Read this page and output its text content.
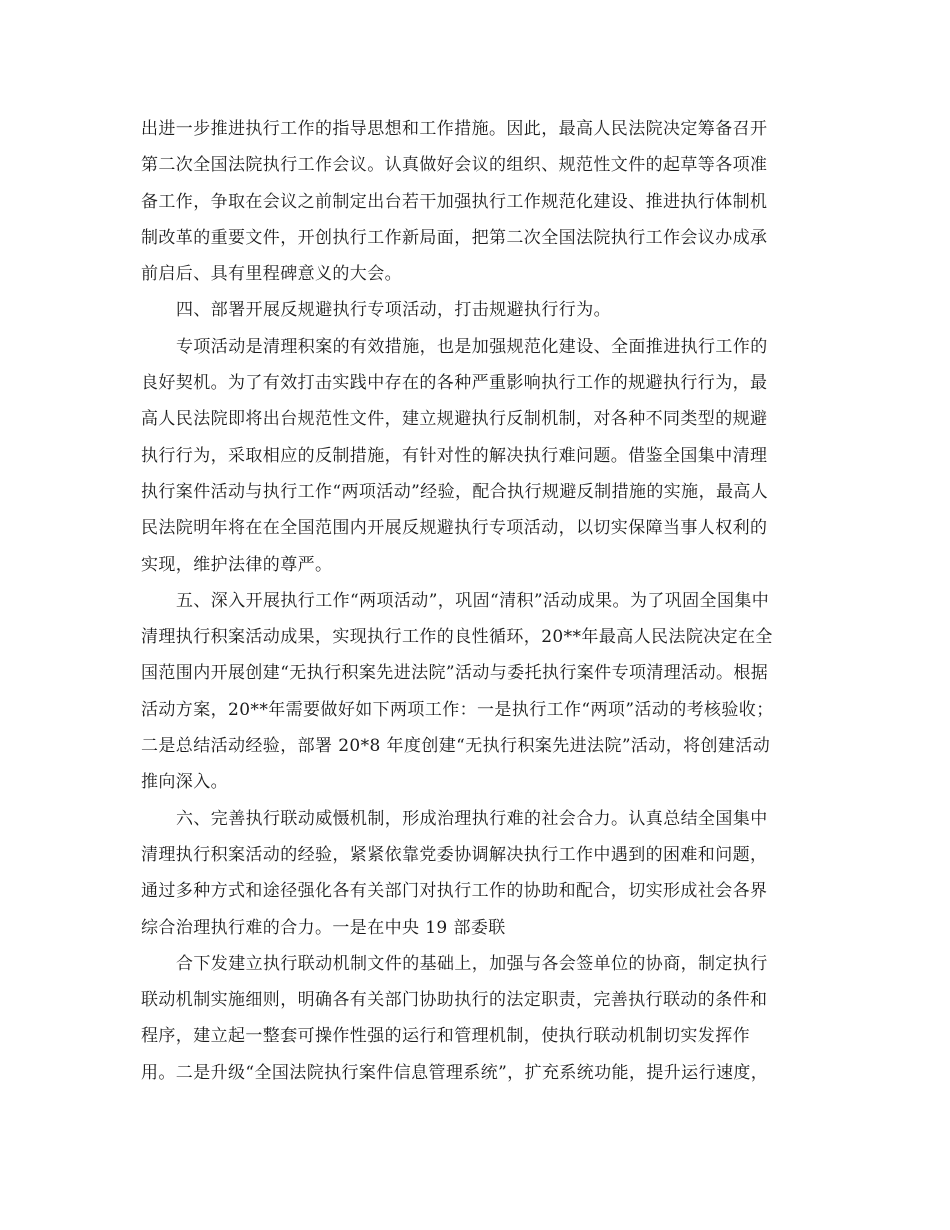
出进一步推进执行工作的指导思想和工作措施。因此，最高人民法院决定筹备召开
第二次全国法院执行工作会议。认真做好会议的组织、规范性文件的起草等各项准
备工作，争取在会议之前制定出台若干加强执行工作规范化建设、推进执行体制机
制改革的重要文件，开创执行工作新局面，把第二次全国法院执行工作会议办成承
前启后、具有里程碑意义的大会。
四、部署开展反规避执行专项活动，打击规避执行行为。
专项活动是清理积案的有效措施，也是加强规范化建设、全面推进执行工作的
良好契机。为了有效打击实践中存在的各种严重影响执行工作的规避执行行为，最
高人民法院即将出台规范性文件，建立规避执行反制机制，对各种不同类型的规避
执行行为，采取相应的反制措施，有针对性的解决执行难问题。借鉴全国集中清理
执行案件活动与执行工作“两项活动”经验，配合执行规避反制措施的实施，最高人
民法院明年将在在全国范围内开展反规避执行专项活动，以切实保障当事人权利的
实现，维护法律的尊严。
五、深入开展执行工作“两项活动”，巩固“清积”活动成果。为了巩固全国集中
清理执行积案活动成果，实现执行工作的良性循环，20**年最高人民法院决定在全
国范围内开展创建“无执行积案先进法院”活动与委托执行案件专项清理活动。根据
活动方案，20**年需要做好如下两项工作：一是执行工作“两项”活动的考核验收；
二是总结活动经验，部署 20*8 年度创建“无执行积案先进法院”活动，将创建活动
推向深入。
六、完善执行联动威慑机制，形成治理执行难的社会合力。认真总结全国集中
清理执行积案活动的经验，紧紧依靠党委协调解决执行工作中遇到的困难和问题，
通过多种方式和途径强化各有关部门对执行工作的协助和配合，切实形成社会各界
综合治理执行难的合力。一是在中央 19 部委联
合下发建立执行联动机制文件的基础上，加强与各会签单位的协商，制定执行
联动机制实施细则，明确各有关部门协助执行的法定职责，完善执行联动的条件和
程序，建立起一整套可操作性强的运行和管理机制，使执行联动机制切实发挥作
用。二是升级“全国法院执行案件信息管理系统”，扩充系统功能，提升运行速度，
